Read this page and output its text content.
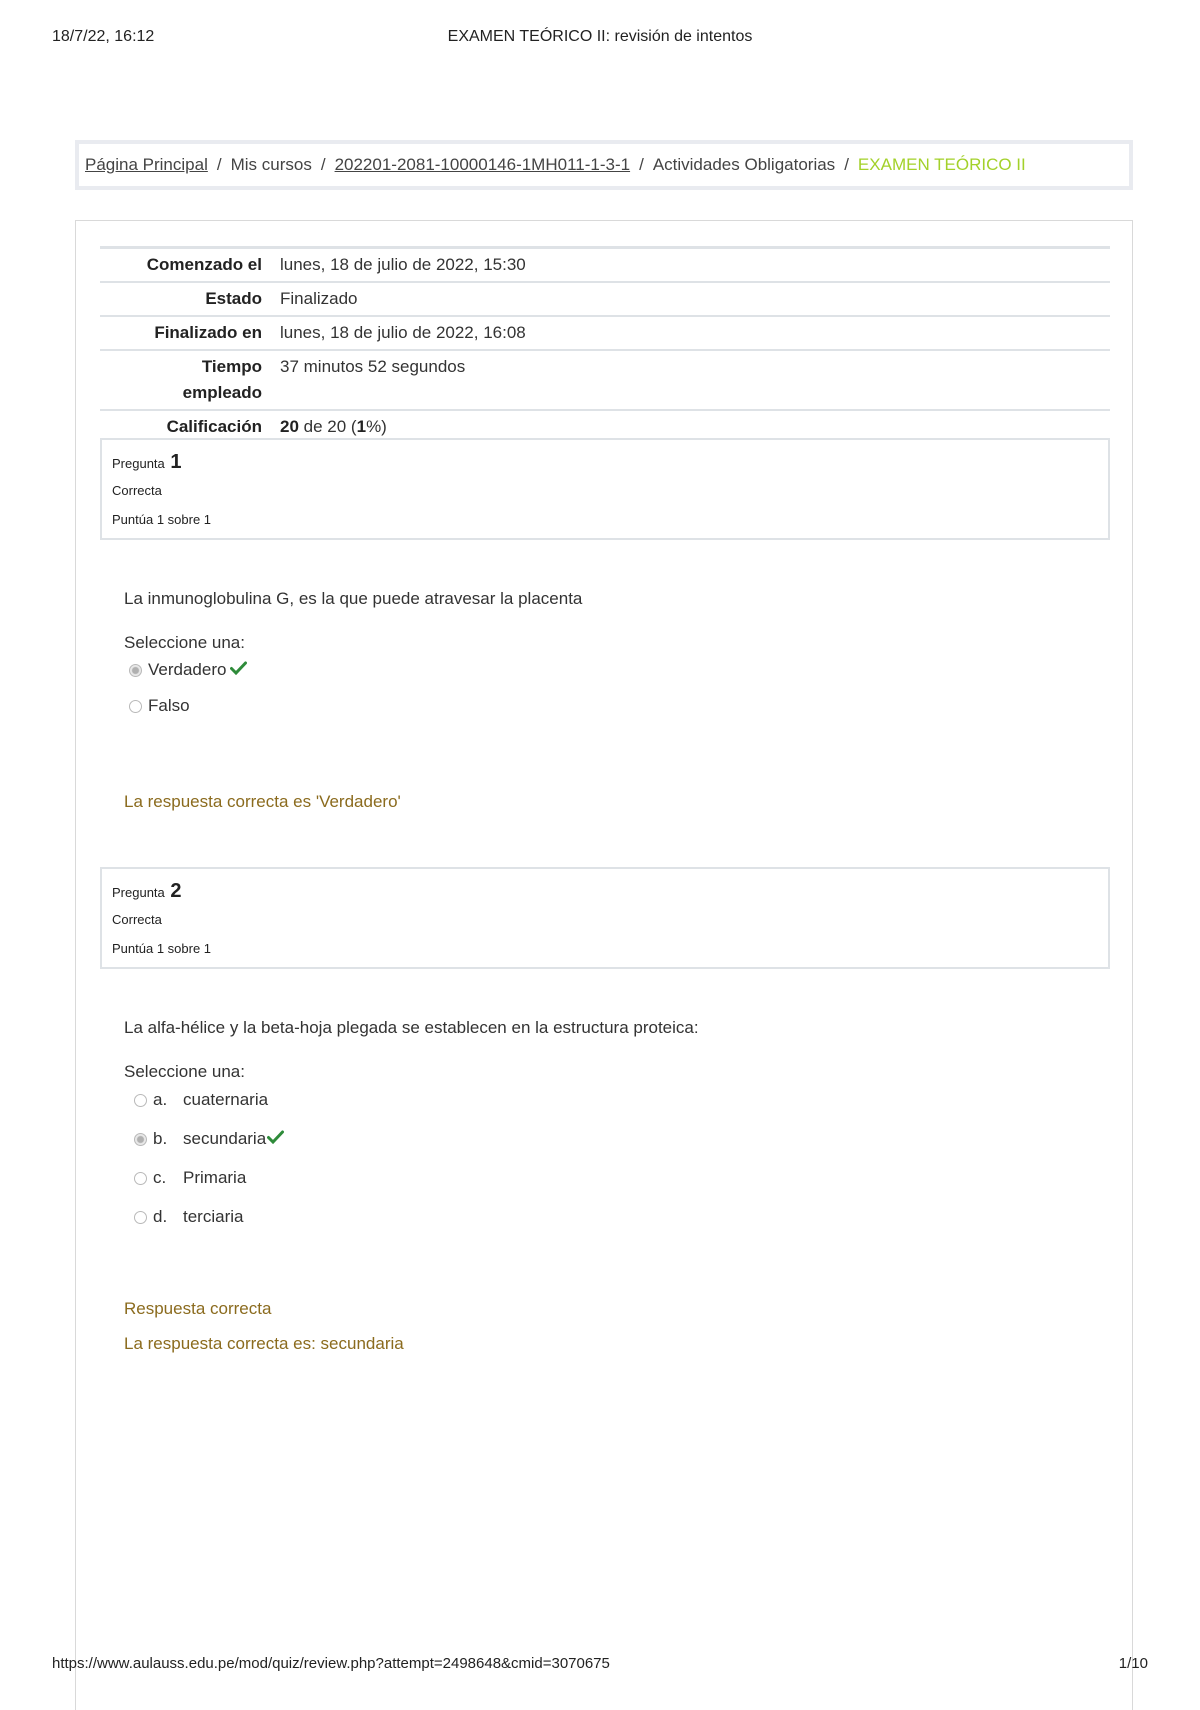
18/7/22, 16:12	EXAMEN TEÓRICO II: revisión de intentos
Página Principal / Mis cursos / 202201-2081-10000146-1MH011-1-3-1 / Actividades Obligatorias / EXAMEN TEÓRICO II
Comenzado el	lunes, 18 de julio de 2022, 15:30
Estado	Finalizado
Finalizado en	lunes, 18 de julio de 2022, 16:08
Tiempo
empleado	37 minutos 52 segundos
Calificación	20 de 20 (1%)
Pregunta 1
Correcta
Puntúa 1 sobre 1
La inmunoglobulina G, es la que puede atravesar la placenta
Seleccione una:
Verdadero
Falso
La respuesta correcta es 'Verdadero'
Pregunta 2
Correcta
Puntúa 1 sobre 1
La alfa-hélice y la beta-hoja plegada se establecen en la estructura proteica:
Seleccione una:
a. cuaternaria
b. secundaria
c. Primaria
d. terciaria
Respuesta correcta
La respuesta correcta es: secundaria
https://www.aulauss.edu.pe/mod/quiz/review.php?attempt=2498648&cmid=3070675	1/10
